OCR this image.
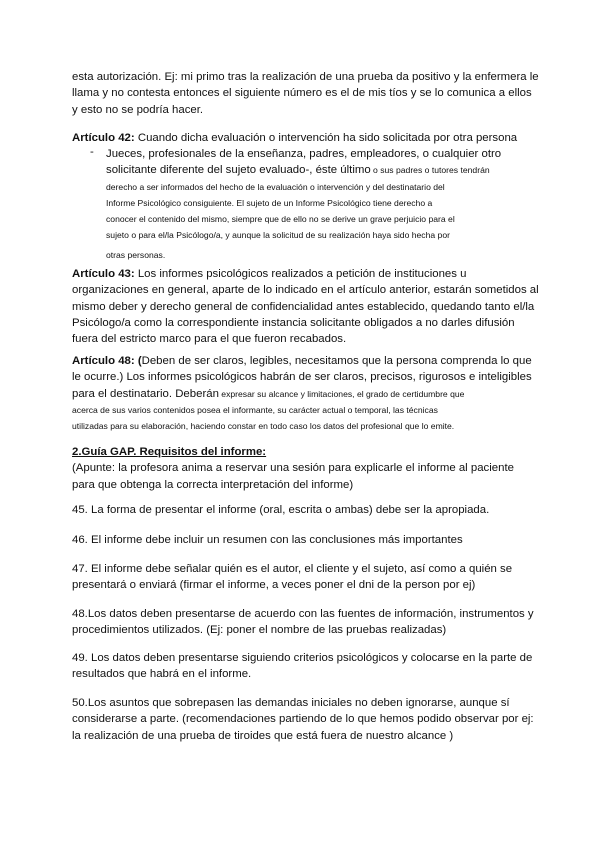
esta autorización. Ej: mi primo tras la realización de una prueba da positivo y la enfermera le
llama y no contesta entonces el siguiente número es el de mis tíos y se lo comunica a ellos
y esto no se podría hacer.
Artículo 42: Cuando dicha evaluación o intervención ha sido solicitada por otra persona
- Jueces, profesionales de la enseñanza, padres, empleadores, o cualquier otro
solicitante diferente del sujeto evaluado-, éste último o sus padres o tutores tendrán
derecho a ser informados del hecho de la evaluación o intervención y del destinatario del
Informe Psicológico consiguiente. El sujeto de un Informe Psicológico tiene derecho a
conocer el contenido del mismo, siempre que de ello no se derive un grave perjuicio para el
sujeto o para el/la Psicólogo/a, y aunque la solicitud de su realización haya sido hecha por
otras personas.
Artículo 43: Los informes psicológicos realizados a petición de instituciones u
organizaciones en general, aparte de lo indicado en el artículo anterior, estarán sometidos al
mismo deber y derecho general de confidencialidad antes establecido, quedando tanto el/la
Psicólogo/a como la correspondiente instancia solicitante obligados a no darles difusión
fuera del estricto marco para el que fueron recabados.
Artículo 48: (Deben de ser claros, legibles, necesitamos que la persona comprenda lo que
le ocurre.) Los informes psicológicos habrán de ser claros, precisos, rigurosos e inteligibles
para el destinatario. Deberán expresar su alcance y limitaciones, el grado de certidumbre que
acerca de sus varios contenidos posea el informante, su carácter actual o temporal, las técnicas
utilizadas para su elaboración, haciendo constar en todo caso los datos del profesional que lo emite.
2.Guía GAP. Requisitos del informe:
(Apunte: la profesora anima a reservar una sesión para explicarle el informe al paciente
para que obtenga la correcta interpretación del informe)
45. La forma de presentar el informe (oral, escrita o ambas) debe ser la apropiada.
46. El informe debe incluir un resumen con las conclusiones más importantes
47. El informe debe señalar quién es el autor, el cliente y el sujeto, así como a quién se
presentará o enviará (firmar el informe, a veces poner el dni de la person por ej)
48.Los datos deben presentarse de acuerdo con las fuentes de información, instrumentos y
procedimientos utilizados. (Ej: poner el nombre de las pruebas realizadas)
49. Los datos deben presentarse siguiendo criterios psicológicos y colocarse en la parte de
resultados que habrá en el informe.
50.Los asuntos que sobrepasen las demandas iniciales no deben ignorarse, aunque sí
considerarse a parte. (recomendaciones partiendo de lo que hemos podido observar por ej:
la realización de una prueba de tiroides que está fuera de nuestro alcance )
